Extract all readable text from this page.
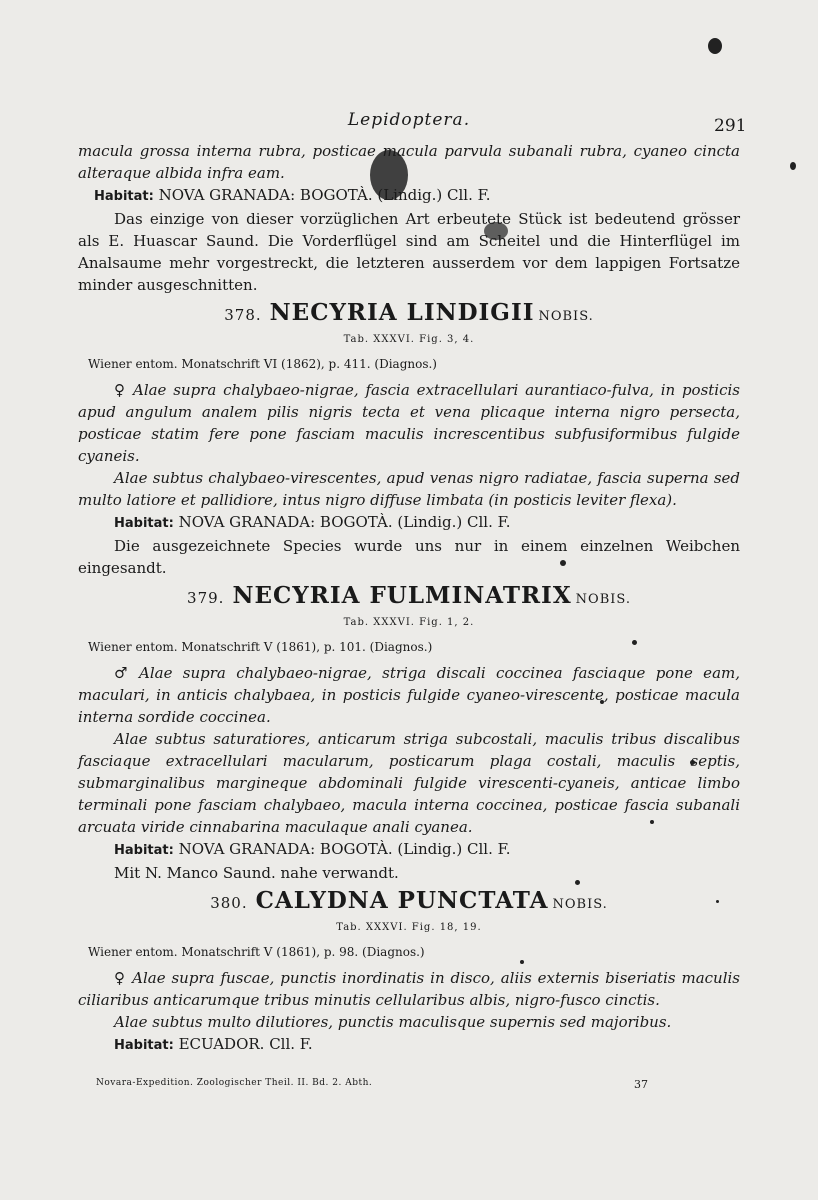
Lepidoptera.	291

macula grossa interna rubra, posticae macula parvula subanali rubra, cyaneo cincta alteraque albida infra eam.

Habitat: NOVA GRANADA: BOGOTÀ. (Lindig.) Cll. F.

Das einzige von dieser vorzüglichen Art erbeutete Stück ist bedeutend grösser als E. Huascar Saund. Die Vorderflügel sind am Scheitel und die Hinterflügel im Analsaume mehr vorgestreckt, die letzteren ausserdem vor dem lappigen Fortsatze minder ausgeschnitten.

378. NECYRIA LINDIGII NOBIS.
Tab. XXXVI. Fig. 3, 4.

Wiener entom. Monatschrift VI (1862), p. 411. (Diagnos.)

♀ Alae supra chalybaeo-nigrae, fascia extracellulari aurantiaco-fulva, in posticis apud angulum analem pilis nigris tecta et vena plicaque interna nigro persecta, posticae statim fere pone fasciam maculis increscentibus subfusiformibus fulgide cyaneis.

Alae subtus chalybaeo-virescentes, apud venas nigro radiatae, fascia superna sed multo latiore et pallidiore, intus nigro diffuse limbata (in posticis leviter flexa).

Habitat: NOVA GRANADA: BOGOTÀ. (Lindig.) Cll. F.

Die ausgezeichnete Species wurde uns nur in einem einzelnen Weibchen eingesandt.

379. NECYRIA FULMINATRIX NOBIS.
Tab. XXXVI. Fig. 1, 2.

Wiener entom. Monatschrift V (1861), p. 101. (Diagnos.)

♂ Alae supra chalybaeo-nigrae, striga discali coccinea fasciaque pone eam, maculari, in anticis chalybaea, in posticis fulgide cyaneo-virescente, posticae macula interna sordide coccinea.

Alae subtus saturatiores, anticarum striga subcostali, maculis tribus discalibus fasciaque extracellulari macularum, posticarum plaga costali, maculis septis, submarginalibus margineque abdominali fulgide virescenti-cyaneis, anticae limbo terminali pone fasciam chalybaeo, macula interna coccinea, posticae fascia subanali arcuata viride cinnabarina maculaque anali cyanea.

Habitat: NOVA GRANADA: BOGOTÀ. (Lindig.) Cll. F.

Mit N. Manco Saund. nahe verwandt.

380. CALYDNA PUNCTATA NOBIS.
Tab. XXXVI. Fig. 18, 19.

Wiener entom. Monatschrift V (1861), p. 98. (Diagnos.)

♀ Alae supra fuscae, punctis inordinatis in disco, aliis externis biseriatis maculis ciliaribus anticarumque tribus minutis cellularibus albis, nigro-fusco cinctis.

Alae subtus multo dilutiores, punctis maculisque supernis sed majoribus.

Habitat: ECUADOR. Cll. F.

Novara-Expedition. Zoologischer Theil. II. Bd. 2. Abth.	37
